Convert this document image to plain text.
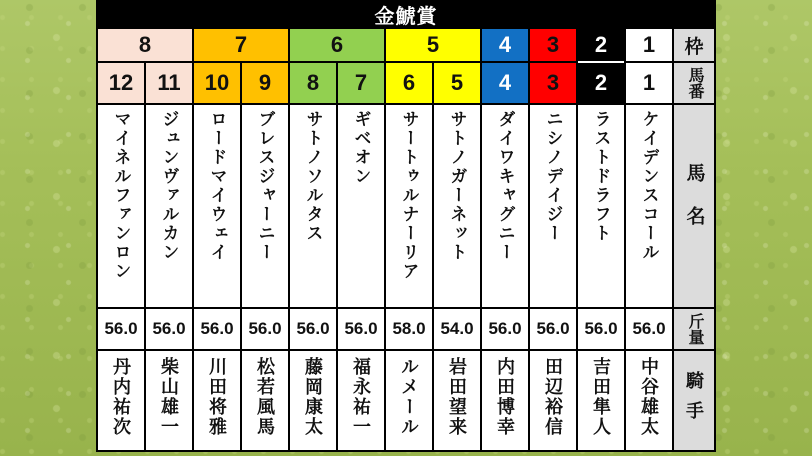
金鯱賞
8	7	6	5	4	3	2	1	枠
12	11	10	9	8	7	6	5	4	3	2	1	馬番
マイネルファンロン ジュンヴァルカン ロードマイウェイ ブレスジャーニー サトノソルタス ギベオン サートゥルナーリア サトノガーネット ダイワキャグニー ニシノデイジー ラストドラフト ケイデンスコール 馬名
56.0 56.0 56.0 56.0 56.0 56.0 58.0 54.0 56.0 56.0 56.0 56.0	斤量
丹内祐次 柴山雄一 川田将雅 松若風馬 藤岡康太 福永祐一 ルメール 岩田望来 内田博幸 田辺裕信 吉田隼人 中谷雄太 騎手
